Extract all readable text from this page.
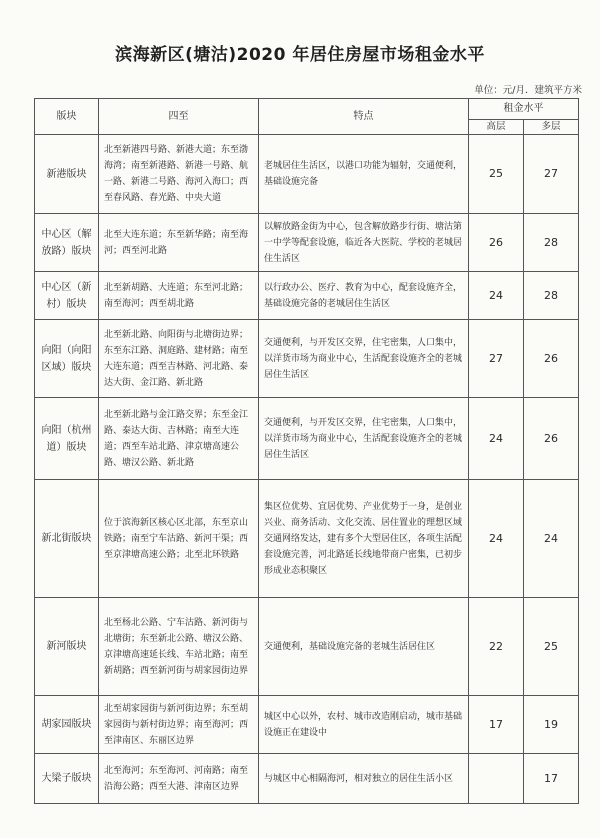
滨海新区(塘沽)2020 年居住房屋市场租金水平
单位：元/月．建筑平方米
版块	四至	特点	租金水平	
			高层	多层
新港版块	北至新港四号路、新港大道；东至渤海湾；南至新港路、新港一号路、航一路、新港二号路、海河入海口；西至春风路、春光路、中央大道	老城居住生活区，以港口功能为辐射，交通便利，基础设施完备	25	27
中心区（解放路）版块	北至大连东道；东至新华路；南至海河；西至河北路	以解放路金街为中心，包含解放路步行街、塘沽第一中学等配套设施，临近各大医院、学校的老城居住生活区	26	28
中心区（新村）版块	北至新胡路、大连道；东至河北路；南至海河；西至胡北路	以行政办公、医疗、教育为中心，配套设施齐全，基础设施完备的老城居住生活区	24	28
向阳（向阳区域）版块	北至新北路、向阳街与北塘街边界；东至东江路、洞庭路、建材路；南至大连东道；西至吉林路、河北路、泰达大街、金江路、新北路	交通便利，与开发区交界，住宅密集，人口集中，以洋货市场为商业中心，生活配套设施齐全的老城居住生活区	27	26
向阳（杭州道）版块	北至新北路与金江路交界；东至金江路、泰达大街、吉林路；南至大连道；西至车站北路、津京塘高速公路、塘汉公路、新北路	交通便利，与开发区交界，住宅密集，人口集中，以洋货市场为商业中心，生活配套设施齐全的老城居住生活区	24	26
新北街版块	位于滨海新区核心区北部，东至京山铁路；南至宁车沽路、新河干渠；西至京津塘高速公路；北至北环铁路	集区位优势、宜居优势、产业优势于一身，是创业兴业、商务活动、文化交流、居住置业的理想区域交通网络发达，建有多个大型居住区，各项生活配套设施完善，河北路延长线地带商户密集，已初步形成业态积聚区	24	24
新河版块	北至杨北公路、宁车沽路、新河街与北塘街；东至新北公路、塘汉公路、京津塘高速延长线、车站北路；南至新胡路；西至新河街与胡家园街边界	交通便利，基础设施完备的老城生活居住区	22	25
胡家园版块	北至胡家园街与新河街边界；东至胡家园街与新村街边界；南至海河；西至津南区、东丽区边界	城区中心以外，农村、城市改造刚启动，城市基础设施正在建设中	17	19
大梁子版块	北至海河；东至海河、河南路；南至沿海公路；西至大港、津南区边界	与城区中心相隔海河，相对独立的居住生活小区		17
